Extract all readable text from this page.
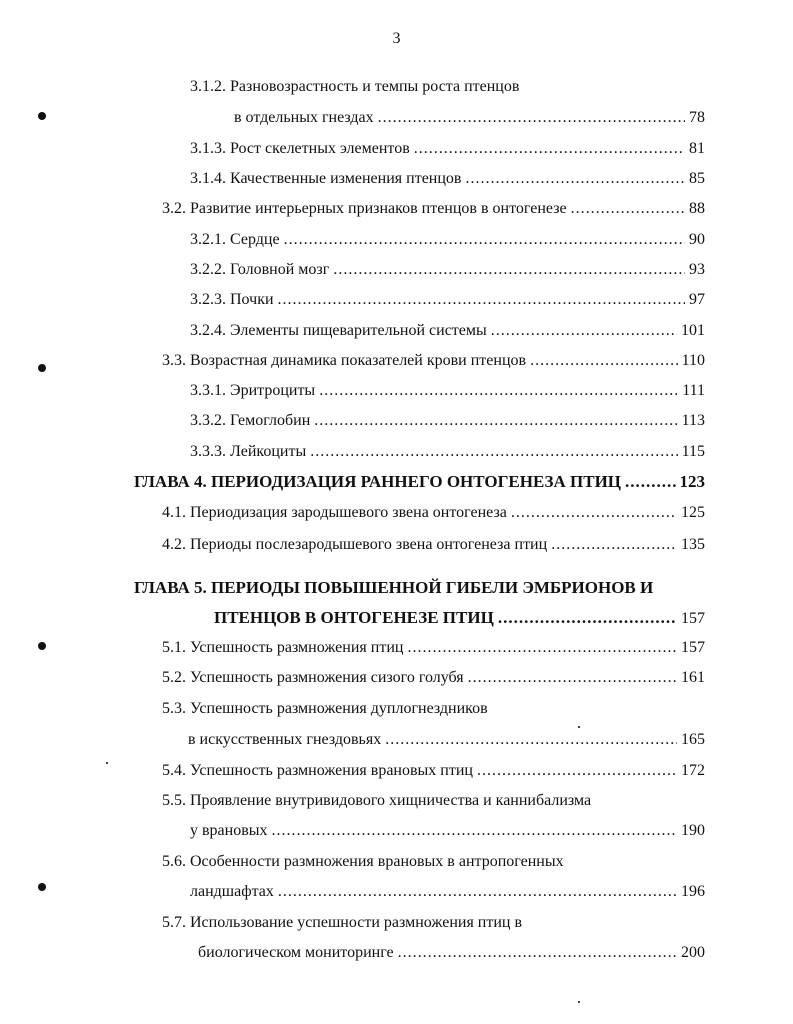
3
3.1.2. Разновозрастность и темпы роста птенцов
в отдельных гнездах .....	78
3.1.3. Рост скелетных элементов .....	81
3.1.4. Качественные изменения птенцов .....	85
3.2. Развитие интерьерных признаков птенцов в онтогенезе .....	88
3.2.1. Сердце .....	90
3.2.2. Головной мозг .....	93
3.2.3. Почки .....	97
3.2.4. Элементы пищеварительной системы .....	101
3.3. Возрастная динамика показателей крови птенцов .....	110
3.3.1. Эритроциты .....	111
3.3.2. Гемоглобин .....	113
3.3.3. Лейкоциты .....	115
ГЛАВА 4. ПЕРИОДИЗАЦИЯ РАННЕГО ОНТОГЕНЕЗА ПТИЦ .....	123
4.1. Периодизация зародышевого звена онтогенеза .....	125
4.2. Периоды послезародышевого звена онтогенеза птиц .....	135
ГЛАВА 5. ПЕРИОДЫ ПОВЫШЕННОЙ ГИБЕЛИ ЭМБРИОНОВ И
ПТЕНЦОВ В ОНТОГЕНЕЗЕ ПТИЦ .....	157
5.1. Успешность размножения птиц .....	157
5.2. Успешность размножения сизого голубя .....	161
5.3. Успешность размножения дуплогнездников
в искусственных гнездовьях .....	165
5.4. Успешность размножения врановых птиц .....	172
5.5. Проявление внутривидового хищничества и каннибализма
у врановых .....	190
5.6. Особенности размножения врановых в антропогенных
ландшафтах .....	196
5.7. Использование успешности размножения птиц в
биологическом мониторинге .....	200
